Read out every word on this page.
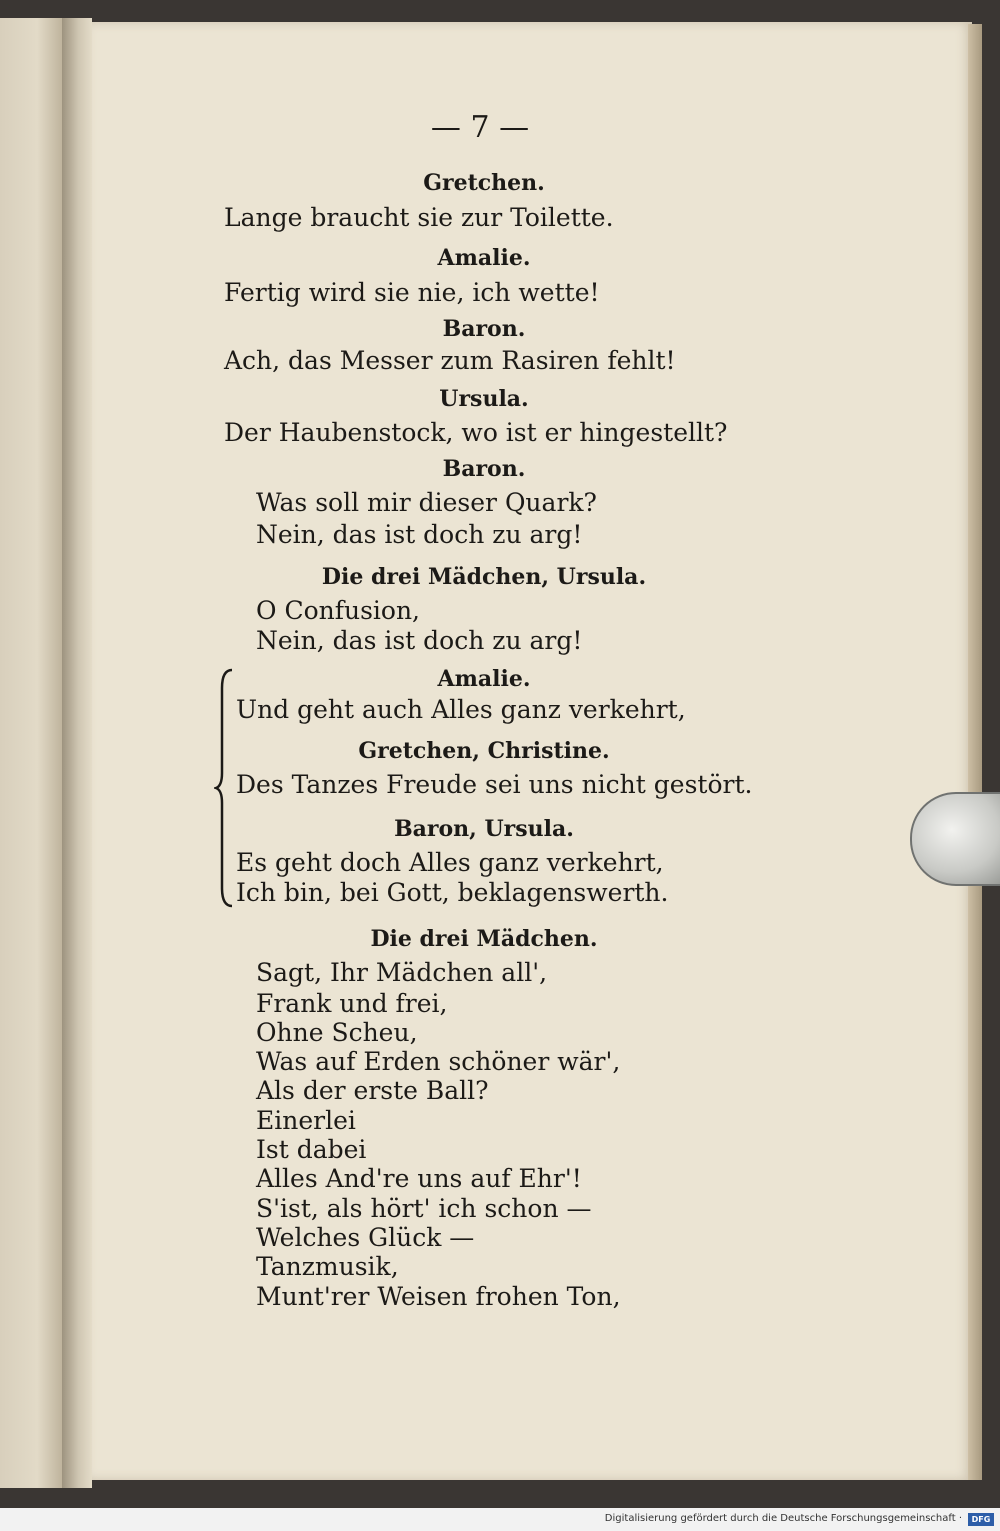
— 7 —
Gretchen.
Lange braucht sie zur Toilette.
Amalie.
Fertig wird sie nie, ich wette!
Baron.
Ach, das Messer zum Rasiren fehlt!
Ursula.
Der Haubenstock, wo ist er hingestellt?
Baron.
Was soll mir dieser Quark?
Nein, das ist doch zu arg!
Die drei Mädchen, Ursula.
O Confusion,
Nein, das ist doch zu arg!
Amalie.
Und geht auch Alles ganz verkehrt,
Gretchen, Christine.
Des Tanzes Freude sei uns nicht gestört.
Baron, Ursula.
Es geht doch Alles ganz verkehrt,
Ich bin, bei Gott, beklagenswerth.
Die drei Mädchen.
Sagt, Ihr Mädchen all',
Frank und frei,
Ohne Scheu,
Was auf Erden schöner wär',
Als der erste Ball?
Einerlei
Ist dabei
Alles And're uns auf Ehr'!
S'ist, als hört' ich schon —
Welches Glück —
Tanzmusik,
Munt'rer Weisen frohen Ton,
Digitalisierung gefördert durch die Deutsche Forschungsgemeinschaft ·	DFG
